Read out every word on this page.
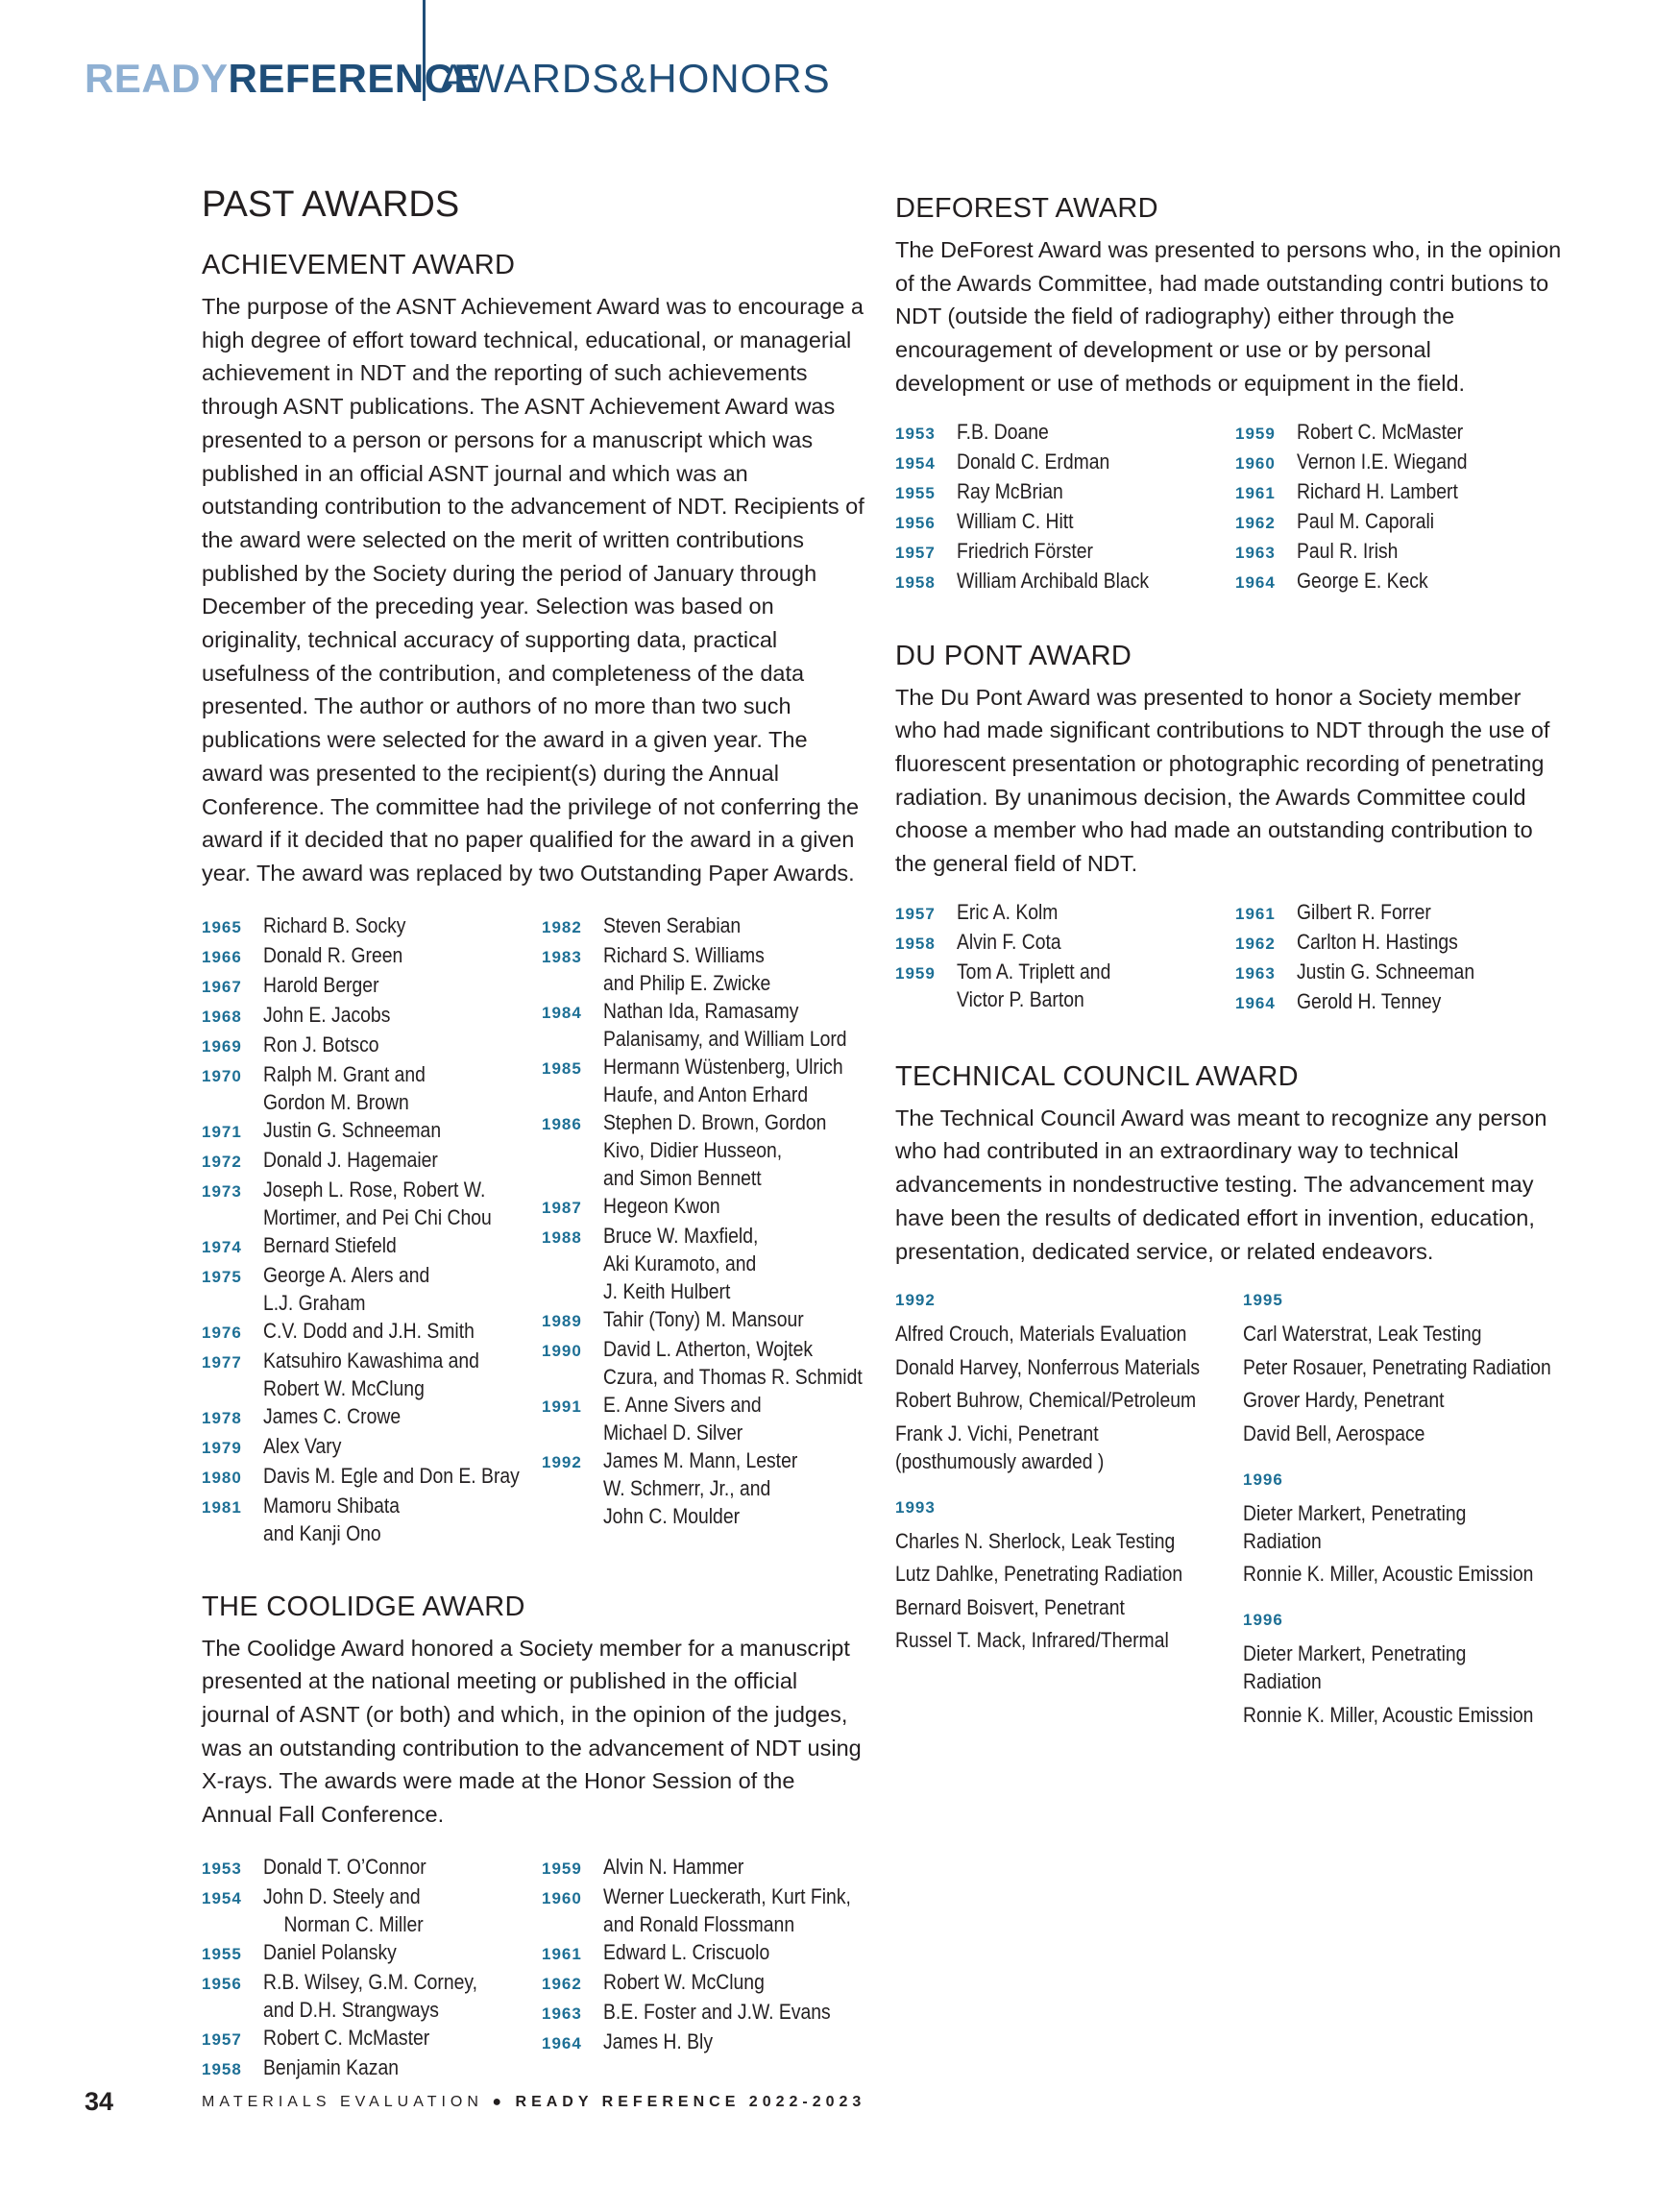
READYREFERENCE
AWARDS&HONORS
PAST AWARDS
ACHIEVEMENT AWARD

The purpose of the ASNT Achievement Award was to encourage a high degree of effort toward technical, educational, or managerial achievement in NDT and the reporting of such achievements through ASNT publications. The ASNT Achievement Award was presented to a person or persons for a manuscript which was published in an official ASNT journal and which was an outstanding contribution to the advancement of NDT. Recipients of the award were selected on the merit of written contributions published by the Society during the period of January through December of the preceding year. Selection was based on originality, technical accuracy of supporting data, practical usefulness of the contribution, and completeness of the data presented. The author or authors of no more than two such publications were selected for the award in a given year. The award was presented to the recipient(s) during the Annual Conference. The committee had the privilege of not conferring the award if it decided that no paper qualified for the award in a given year. The award was replaced by two Outstanding Paper Awards.

1965	Richard B. Socky
1966	Donald R. Green
1967	Harold Berger
1968	John E. Jacobs
1969	Ron J. Botsco
1970	Ralph M. Grant and
Gordon M. Brown
1971	Justin G. Schneeman
1972	Donald J. Hagemaier
1973	Joseph L. Rose, Robert W.
Mortimer, and Pei Chi Chou
1974	Bernard Stiefeld
1975	George A. Alers and
L.J. Graham
1976	C.V. Dodd and J.H. Smith
1977	Katsuhiro Kawashima and
Robert W. McClung
1978	James C. Crowe
1979	Alex Vary
1980	Davis M. Egle and Don E. Bray
1981	Mamoru Shibata
and Kanji Ono
1982	Steven Serabian
1983	Richard S. Williams
and Philip E. Zwicke
1984	Nathan Ida, Ramasamy
Palanisamy, and William Lord
1985	Hermann Wüstenberg, Ulrich
Haufe, and Anton Erhard
1986	Stephen D. Brown, Gordon
Kivo, Didier Husseon,
and Simon Bennett
1987	Hegeon Kwon
1988	Bruce W. Maxfield,
Aki Kuramoto, and
J. Keith Hulbert
1989	Tahir (Tony) M. Mansour
1990	David L. Atherton, Wojtek
Czura, and Thomas R. Schmidt
1991	E. Anne Sivers and
Michael D. Silver
1992	James M. Mann, Lester
W. Schmerr, Jr., and
John C. Moulder
THE COOLIDGE AWARD

The Coolidge Award honored a Society member for a manuscript presented at the national meeting or published in the official journal of ASNT (or both) and which, in the opinion of the judges, was an outstanding contribution to the advancement of NDT using X-rays. The awards were made at the Honor Session of the Annual Fall Conference.

1953	Donald T. O’Connor
1954	John D. Steely and
Norman C. Miller
1955	Daniel Polansky
1956	R.B. Wilsey, G.M. Corney,
and D.H. Strangways
1957	Robert C. McMaster
1958	Benjamin Kazan
1959	Alvin N. Hammer
1960	Werner Lueckerath, Kurt Fink,
and Ronald Flossmann
1961	Edward L. Criscuolo
1962	Robert W. McClung
1963	B.E. Foster and J.W. Evans
1964	James H. Bly
DEFOREST AWARD

The DeForest Award was presented to persons who, in the opinion of the Awards Committee, had made outstanding contri butions to NDT (outside the field of radiography) either through the encouragement of development or use or by personal development or use of methods or equipment in the field.

1953	F.B. Doane
1954	Donald C. Erdman
1955	Ray McBrian
1956	William C. Hitt
1957	Friedrich Förster
1958	William Archibald Black
1959	Robert C. McMaster
1960	Vernon I.E. Wiegand
1961	Richard H. Lambert
1962	Paul M. Caporali
1963	Paul R. Irish
1964	George E. Keck
DU PONT AWARD

The Du Pont Award was presented to honor a Society member who had made significant contributions to NDT through the use of fluorescent presentation or photographic recording of penetrating radiation. By unanimous decision, the Awards Committee could choose a member who had made an outstanding contribution to the general field of NDT.

1957	Eric A. Kolm
1958	Alvin F. Cota
1959	Tom A. Triplett and
Victor P. Barton
1961	Gilbert R. Forrer
1962	Carlton H. Hastings
1963	Justin G. Schneeman
1964	Gerold H. Tenney
TECHNICAL COUNCIL AWARD

The Technical Council Award was meant to recognize any person who had contributed in an extraordinary way to technical advancements in nondestructive testing. The advancement may have been the results of dedicated effort in invention, education, presentation, dedicated service, or related endeavors.

1992
Alfred Crouch, Materials Evaluation
Donald Harvey, Nonferrous Materials
Robert Buhrow, Chemical/Petroleum
Frank J. Vichi, Penetrant
(posthumously awarded )
1993
Charles N. Sherlock, Leak Testing
Lutz Dahlke, Penetrating Radiation
Bernard Boisvert, Penetrant
Russel T. Mack, Infrared/Thermal
1995
Carl Waterstrat, Leak Testing
Peter Rosauer, Penetrating Radiation
Grover Hardy, Penetrant
David Bell, Aerospace
1996
Dieter Markert, Penetrating
Radiation
Ronnie K. Miller, Acoustic Emission
1996
Dieter Markert, Penetrating
Radiation
Ronnie K. Miller, Acoustic Emission
34	MATERIALS EVALUATION ● READY REFERENCE 2022-2023
